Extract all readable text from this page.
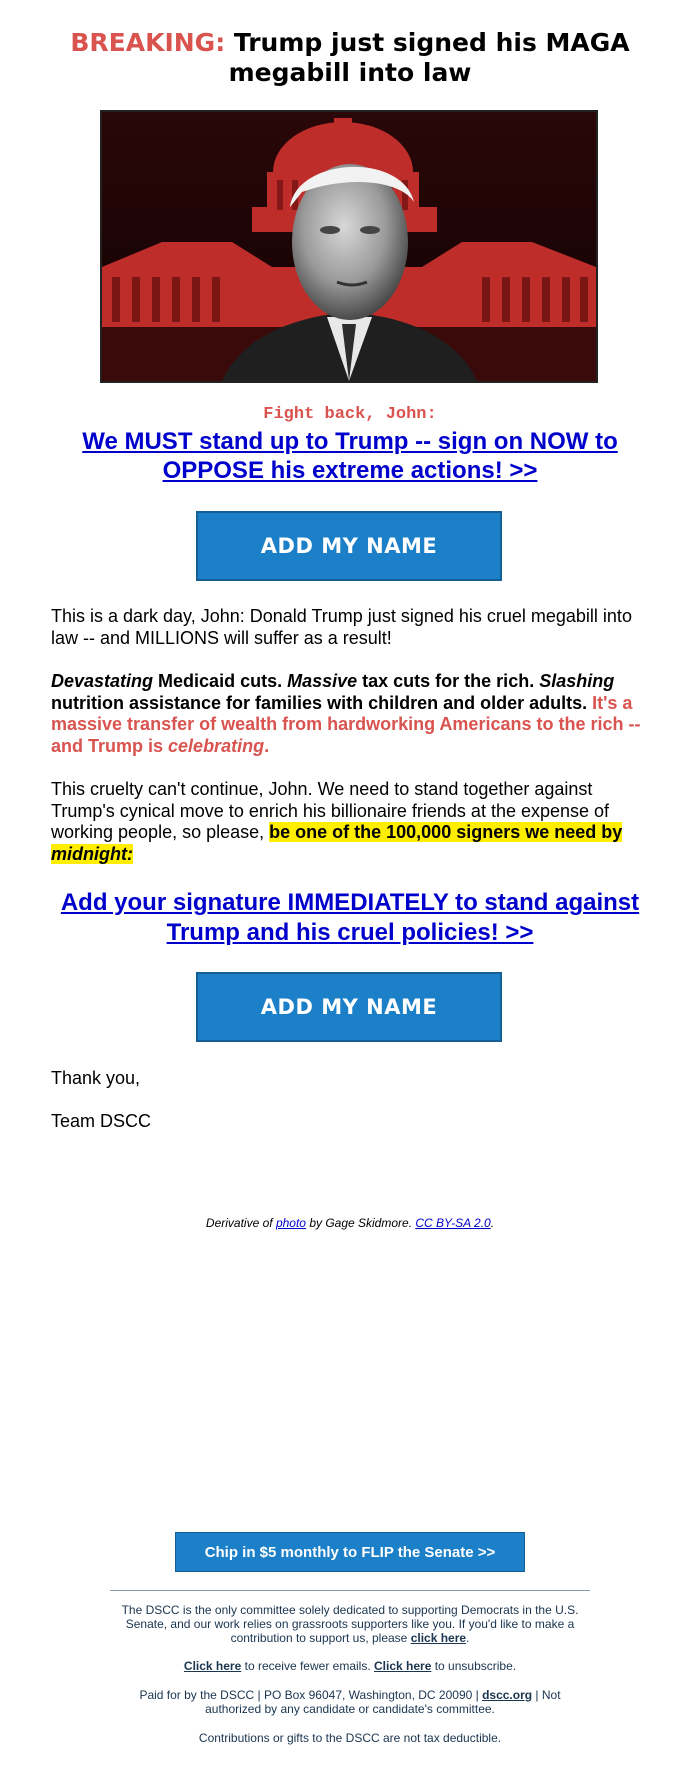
BREAKING: Trump just signed his MAGA megabill into law
Fight back, John:
We MUST stand up to Trump -- sign on NOW to OPPOSE his extreme actions! >>
ADD MY NAME
This is a dark day, John: Donald Trump just signed his cruel megabill into law -- and MILLIONS will suffer as a result!
Devastating Medicaid cuts. Massive tax cuts for the rich. Slashing nutrition assistance for families with children and older adults. It's a massive transfer of wealth from hardworking Americans to the rich -- and Trump is celebrating.
This cruelty can't continue, John. We need to stand together against Trump's cynical move to enrich his billionaire friends at the expense of working people, so please, be one of the 100,000 signers we need by midnight:
Add your signature IMMEDIATELY to stand against Trump and his cruel policies! >>
ADD MY NAME
Thank you,
Team DSCC
Derivative of photo by Gage Skidmore. CC BY-SA 2.0.
Chip in $5 monthly to FLIP the Senate >>
The DSCC is the only committee solely dedicated to supporting Democrats in the U.S. Senate, and our work relies on grassroots supporters like you. If you'd like to make a contribution to support us, please click here.
Click here to receive fewer emails. Click here to unsubscribe.
Paid for by the DSCC | PO Box 96047, Washington, DC 20090 | dscc.org | Not authorized by any candidate or candidate's committee.
Contributions or gifts to the DSCC are not tax deductible.
